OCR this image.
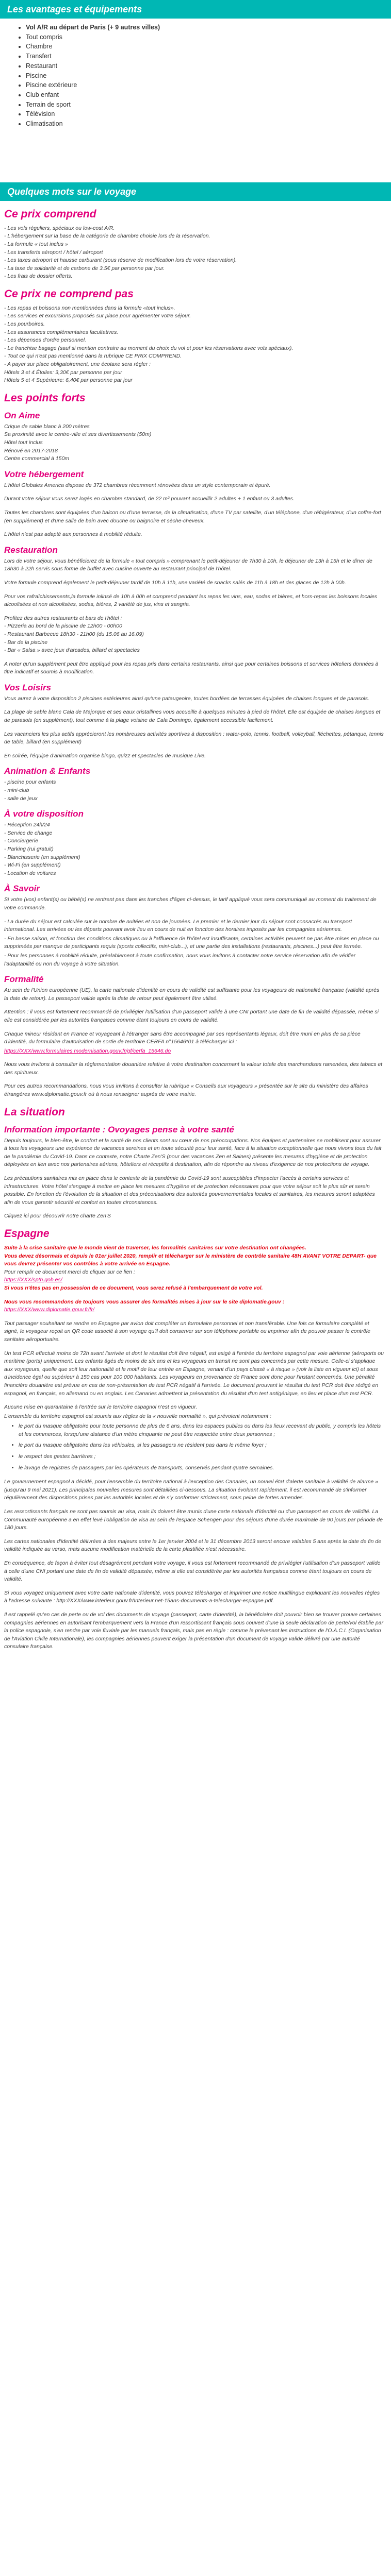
Les avantages et équipements
• Vol A/R au départ de Paris (+ 9 autres villes)
• Tout compris
• Chambre
• Transfert
• Restaurant
• Piscine
• Piscine extérieure
• Club enfant
• Terrain de sport
• Télévision
• Climatisation
Quelques mots sur le voyage
Ce prix comprend
- Les vols réguliers, spéciaux ou low-cost A/R.
- L'hébergement sur la base de la catégorie de chambre choisie lors de la réservation.
- La formule « tout inclus »
- Les transferts aéroport / hôtel / aéroport
- Les taxes aéroport et hausse carburant (sous réserve de modification lors de votre réservation).
- La taxe de solidarité et de carbone de 3.5€ par personne par jour.
- Les frais de dossier offerts.
Ce prix ne comprend pas
- Les repas et boissons non mentionnées dans la formule «tout inclus».
- Les services et excursions proposés sur place pour agrémenter votre séjour.
- Les pourboires.
- Les assurances complémentaires facultatives.
- Les dépenses d'ordre personnel.
- Le franchise bagage (sauf si mention contraire au moment du choix du vol et pour les réservations avec vols spéciaux).
- Tout ce qui n'est pas mentionné dans la rubrique CE PRIX COMPREND.
- A payer sur place obligatoirement, une écotaxe sera régler :
Hôtels 3 et 4 Étoiles: 3,30€ par personne par jour
Hôtels 5 et 4 Supérieure: 6,40€ par personne par jour
Les points forts
On Aime
Crique de sable blanc à 200 mètres
Sa proximité avec le centre-ville et ses divertissements (50m)
Hôtel tout inclus
Rénové en 2017-2018
Centre commercial à 150m
Votre hébergement

L'hôtel Globales America dispose de 372 chambres récemment rénovées dans un style contemporain et épuré.

Durant votre séjour vous serez logés en chambre standard, de 22 m² pouvant accueillir 2 adultes + 1 enfant ou 3 adultes.

Toutes les chambres sont équipées d'un balcon ou d'une terrasse, de la climatisation, d'une TV par satellite, d'un téléphone, d'un réfrigérateur, d'un coffre-fort (en supplément) et d'une salle de bain avec douche ou baignoire et sèche-cheveux.

L'hôtel n'est pas adapté aux personnes à mobilité réduite.

Restauration

Lors de votre séjour, vous bénéficierez de la formule « tout compris » comprenant le petit-déjeuner de 7h30 à 10h, le déjeuner de 13h à 15h et le dîner de 18h30 à 22h servis sous forme de buffet avec cuisine ouverte au restaurant principal de l'hôtel.

Votre formule comprend également le petit-déjeuner tardif de 10h à 11h, une variété de snacks salés de 11h à 18h et des glaces de 12h à 00h.

Pour vos rafraîchissements,la formule inlinsé de 10h à 00h et comprend pendant les repas les vins, eau, sodas et bières, et hors-repas les boissons locales alcoolisées et non alcoolisées, sodas, bières, 2 variété de jus, vins et sangria.

Profitez des autres restaurants et bars de l'hôtel :
- Pizzeria au bord de la piscine de 12h00 - 00h00
- Restaurant Barbecue 18h30 - 21h00 (du 15.06 au 16.09)
- Bar de la piscine
- Bar « Salsa » avec jeux d'arcades, billard et spectacles

A noter qu'un supplément peut être appliqué pour les repas pris dans certains restaurants, ainsi que pour certaines boissons et services hôteliers données à titre indicatif et soumis à modification.

Vos Loisirs

Vous aurez à votre disposition 2 piscines extérieures ainsi qu'une pataugeoire, toutes bordées de terrasses équipées de chaises longues et de parasols.

La plage de sable blanc Cala de Majorque et ses eaux cristallines vous accueille à quelques minutes à pied de l'hôtel. Elle est équipée de chaises longues et de parasols (en supplément), tout comme à la plage voisine de Cala Domingo, également accessible facilement.

Les vacanciers les plus actifs apprécieront les nombreuses activités sportives à disposition : water-polo, tennis, football, volleyball, fléchettes, pétanque, tennis de table, billard (en supplément)

En soirée, l'équipe d'animation organise bingo, quizz et spectacles de musique Live.

Animation & Enfants
- piscine pour enfants
- mini-club
- salle de jeux
À votre disposition
- Réception 24h/24
- Service de change
- Conciergerie
- Parking (rui gratuit)
- Blanchisserie (en supplément)
- Wi-Fi (en supplément)
- Location de voitures
À Savoir

Si votre (vos) enfant(s) ou bébé(s) ne rentrent pas dans les tranches d'âges ci-dessus, le tarif appliqué vous sera communiqué au moment du traitement de votre commande.

- La durée du séjour est calculée sur le nombre de nuitées et non de journées. Le premier et le dernier jour du séjour sont consacrés au transport international. Les arrivées ou les départs pouvant avoir lieu en cours de nuit en fonction des horaires imposés par les compagnies aériennes.

- En basse saison, et fonction des conditions climatiques ou à l'affluence de l'hôtel est insuffisante, certaines activités peuvent ne pas être mises en place ou suppriméés par manque de participants requis (sports collectifs, mini-club...), et une partie des installations (restaurants, piscines...) peut être fermée.

- Pour les personnes à mobilité réduite, préalablement à toute confirmation, nous vous invitons à contacter notre service réservation afin de vérifier l'adaptabilité ou non du voyage à votre situation.

Formalité

Au sein de l'Union européenne (UE), la carte nationale d'identité en cours de validité est suffisante pour les voyageurs de nationalité française (validité après la date de retour). Le passeport valide après la date de retour peut également être utilisé.

Attention : il vous est fortement recommandé de privilégier l'utilisation d'un passeport valide à une CNI portant une date de fin de validité dépassée, même si elle est considérée par les autorités françaises comme étant toujours en cours de validité.

Chaque mineur résidant en France et voyageant à l'étranger sans être accompagné par ses représentants légaux, doit être muni en plus de sa pièce d'identité, du formulaire d'autorisation de sortie de territoire CERFA n°15646*01 à télécharger ici :

https://XXX/www.formulaires.modernisation.gouv.fr/gf/cerfa_15646.do

Nous vous invitons à consulter la réglementation douanière relative à votre destination concernant la valeur totale des marchandises ramenées, des tabacs et des spiritueux.

Pour ces autres recommandations, nous vous invitons à consulter la rubrique « Conseils aux voyageurs » présentée sur le site du ministère des affaires étrangères www.diplomatie.gouv.fr où à nous renseigner auprès de votre mairie.

La situation
Information importante : Ovoyages pense à votre santé

Depuis toujours, le bien-être, le confort et la santé de nos clients sont au cœur de nos préoccupations. Nos équipes et partenaires se mobilisent pour assurer à tous les voyageurs une expérience de vacances sereines et en toute sécurité pour leur santé, face à la situation exceptionnelle que nous vivons tous du fait de la pandémie du Covid-19. Dans ce contexte, notre Charte Zen'S (pour des vacances Zen et Saines) présente les mesures d'hygiène et de protection déployées en lien avec nos partenaires aériens, hôteliers et réceptifs à destination, afin de répondre au niveau d'exigence de nos protections de voyage.

Les précautions sanitaires mis en place dans le contexte de la pandémie du Covid-19 sont susceptibles d'impacter l'accès à certains services et infrastructures. Votre hôtel s'engage à mettre en place les mesures d'hygiène et de protection nécessaires pour que votre séjour soit le plus sûr et serein possible. En fonction de l'évolution de la situation et des préconisations des autorités gouvernementales locales et sanitaires, les mesures seront adaptées afin de vous garantir sécurité et confort en toutes circonstances.

Cliquez ici pour découvrir notre charte Zen'S

Espagne
Suite à la crise sanitaire que le monde vient de traverser, les formalités sanitaires sur votre destination ont changées.
Vous devez désormais et depuis le 01er juillet 2020, remplir et télécharger sur le ministère de contrôle sanitaire 48H AVANT VOTRE DEPART- que vous devrez présenter vos contrôles à votre arrivée en Espagne.
Pour remplir ce document merci de cliquer sur ce lien :
https://XXX/spth.gob.es/
Si vous n'êtes pas en possession de ce document, vous serez refusé à l'embarquement de votre vol.
Nous vous recommandons de toujours vous assurer des formalités mises à jour sur le site diplomatie.gouv :
https://XXX/www.diplomatie.gouv.fr/fr/

Tout passager souhaitant se rendre en Espagne par avion doit compléter un formulaire personnel et non transférable. Une fois ce formulaire complété et signé, le voyageur reçoit un QR code associé à son voyage qu'il doit conserver sur son téléphone portable ou imprimer afin de pouvoir passer le contrôle sanitaire aéroportuaire.

Un test PCR effectué moins de 72h avant l'arrivée et dont le résultat doit être négatif, est exigé à l'entrée du territoire espagnol par voie aérienne (aéroports ou maritime (ports) uniquement. Les enfants âgés de moins de six ans et les voyageurs en transit ne sont pas concernés par cette mesure. Celle-ci s'applique aux voyageurs, quelle que soit leur nationalité et le motif de leur entrée en Espagne, venant d'un pays classé « à risque » (voir la liste en vigueur ici) et sous d'incidence égal ou supérieur à 150 cas pour 100 000 habitants. Les voyageurs en provenance de France sont donc pour l'instant concernés. Une pénalité financière douanière est prévue en cas de non-présentation de test PCR négatif à l'arrivée. Le document prouvant le résultat du test PCR doit être rédigé en espagnol, en français, en allemand ou en anglais. Les Canaries admettent la présentation du résultat d'un test antigénique, en lieu et place d'un test PCR.

Aucune mise en quarantaine à l'entrée sur le territoire espagnol n'est en vigueur.

L'ensemble du territoire espagnol est soumis aux règles de la « nouvelle normalité », qui prévoient notamment :

• le port du masque obligatoire pour toute personne de plus de 6 ans, dans les espaces publics ou dans les lieux recevant du public, y compris les hôtels et les commerces, lorsqu'une distance d'un mètre cinquante ne peut être respectée entre deux personnes ;
• le port du masque obligatoire dans les véhicules, si les passagers ne résident pas dans le même foyer ;
• le respect des gestes barrières ;
• le lavage de registres de passagers par les opérateurs de transports, conservés pendant quatre semaines.

Le gouvernement espagnol a décidé, pour l'ensemble du territoire national à l'exception des Canaries, un nouvel état d'alerte sanitaire à validité de alarme » (jusqu'au 9 mai 2021). Les principales nouvelles mesures sont détaillées ci-dessous. La situation évoluant rapidement, il est recommandé de s'informer régulièrement des dispositions prises par les autorités locales et de s'y conformer strictement, sous peine de fortes amendes.

Les ressortissants français ne sont pas soumis au visa, mais ils doivent être munis d'une carte nationale d'identité ou d'un passeport en cours de validité. La Communauté européenne a en effet levé l'obligation de visa au sein de l'espace Schengen pour des séjours d'une durée maximale de 90 jours par période de 180 jours.

Les cartes nationales d'identité délivrées à des majeurs entre le 1er janvier 2004 et le 31 décembre 2013 seront encore valables 5 ans après la date de fin de validité indiquée au verso, mais aucune modification matérielle de la carte plastifiée n'est nécessaire.

En conséquence, de façon à éviter tout désagrément pendant votre voyage, il vous est fortement recommandé de privilégier l'utilisation d'un passeport valide à celle d'une CNI portant une date de fin de validité dépassée, même si elle est considérée par les autorités françaises comme étant toujours en cours de validité.

Si vous voyagez uniquement avec votre carte nationale d'identité, vous pouvez télécharger et imprimer une notice multilingue expliquant les nouvelles règles à l'adresse suivante : http://XXX/www.interieur.gouv.fr/Interieur.net-15ans-documents-a-telecharger-espagne.pdf.

Il est rappelé qu'en cas de perte ou de vol des documents de voyage (passeport, carte d'identité), la bénéficiaire doit pouvoir bien se trouver prouve certaines compagnies aériennes en autorisant l'embarquement vers la France d'un ressortissant français sous couvert d'une la seule déclaration de perte/vol établie par la police espagnole, s'en rendre par voie fluviale par les manuels français, mais pas en règle : comme le prévenant les instructions de l'O.A.C.I. (Organisation de l'Aviation Civile Internationale), les compagnies aériennes peuvent exiger la présentation d'un document de voyage valide délivré par une autorité consulaire française.
